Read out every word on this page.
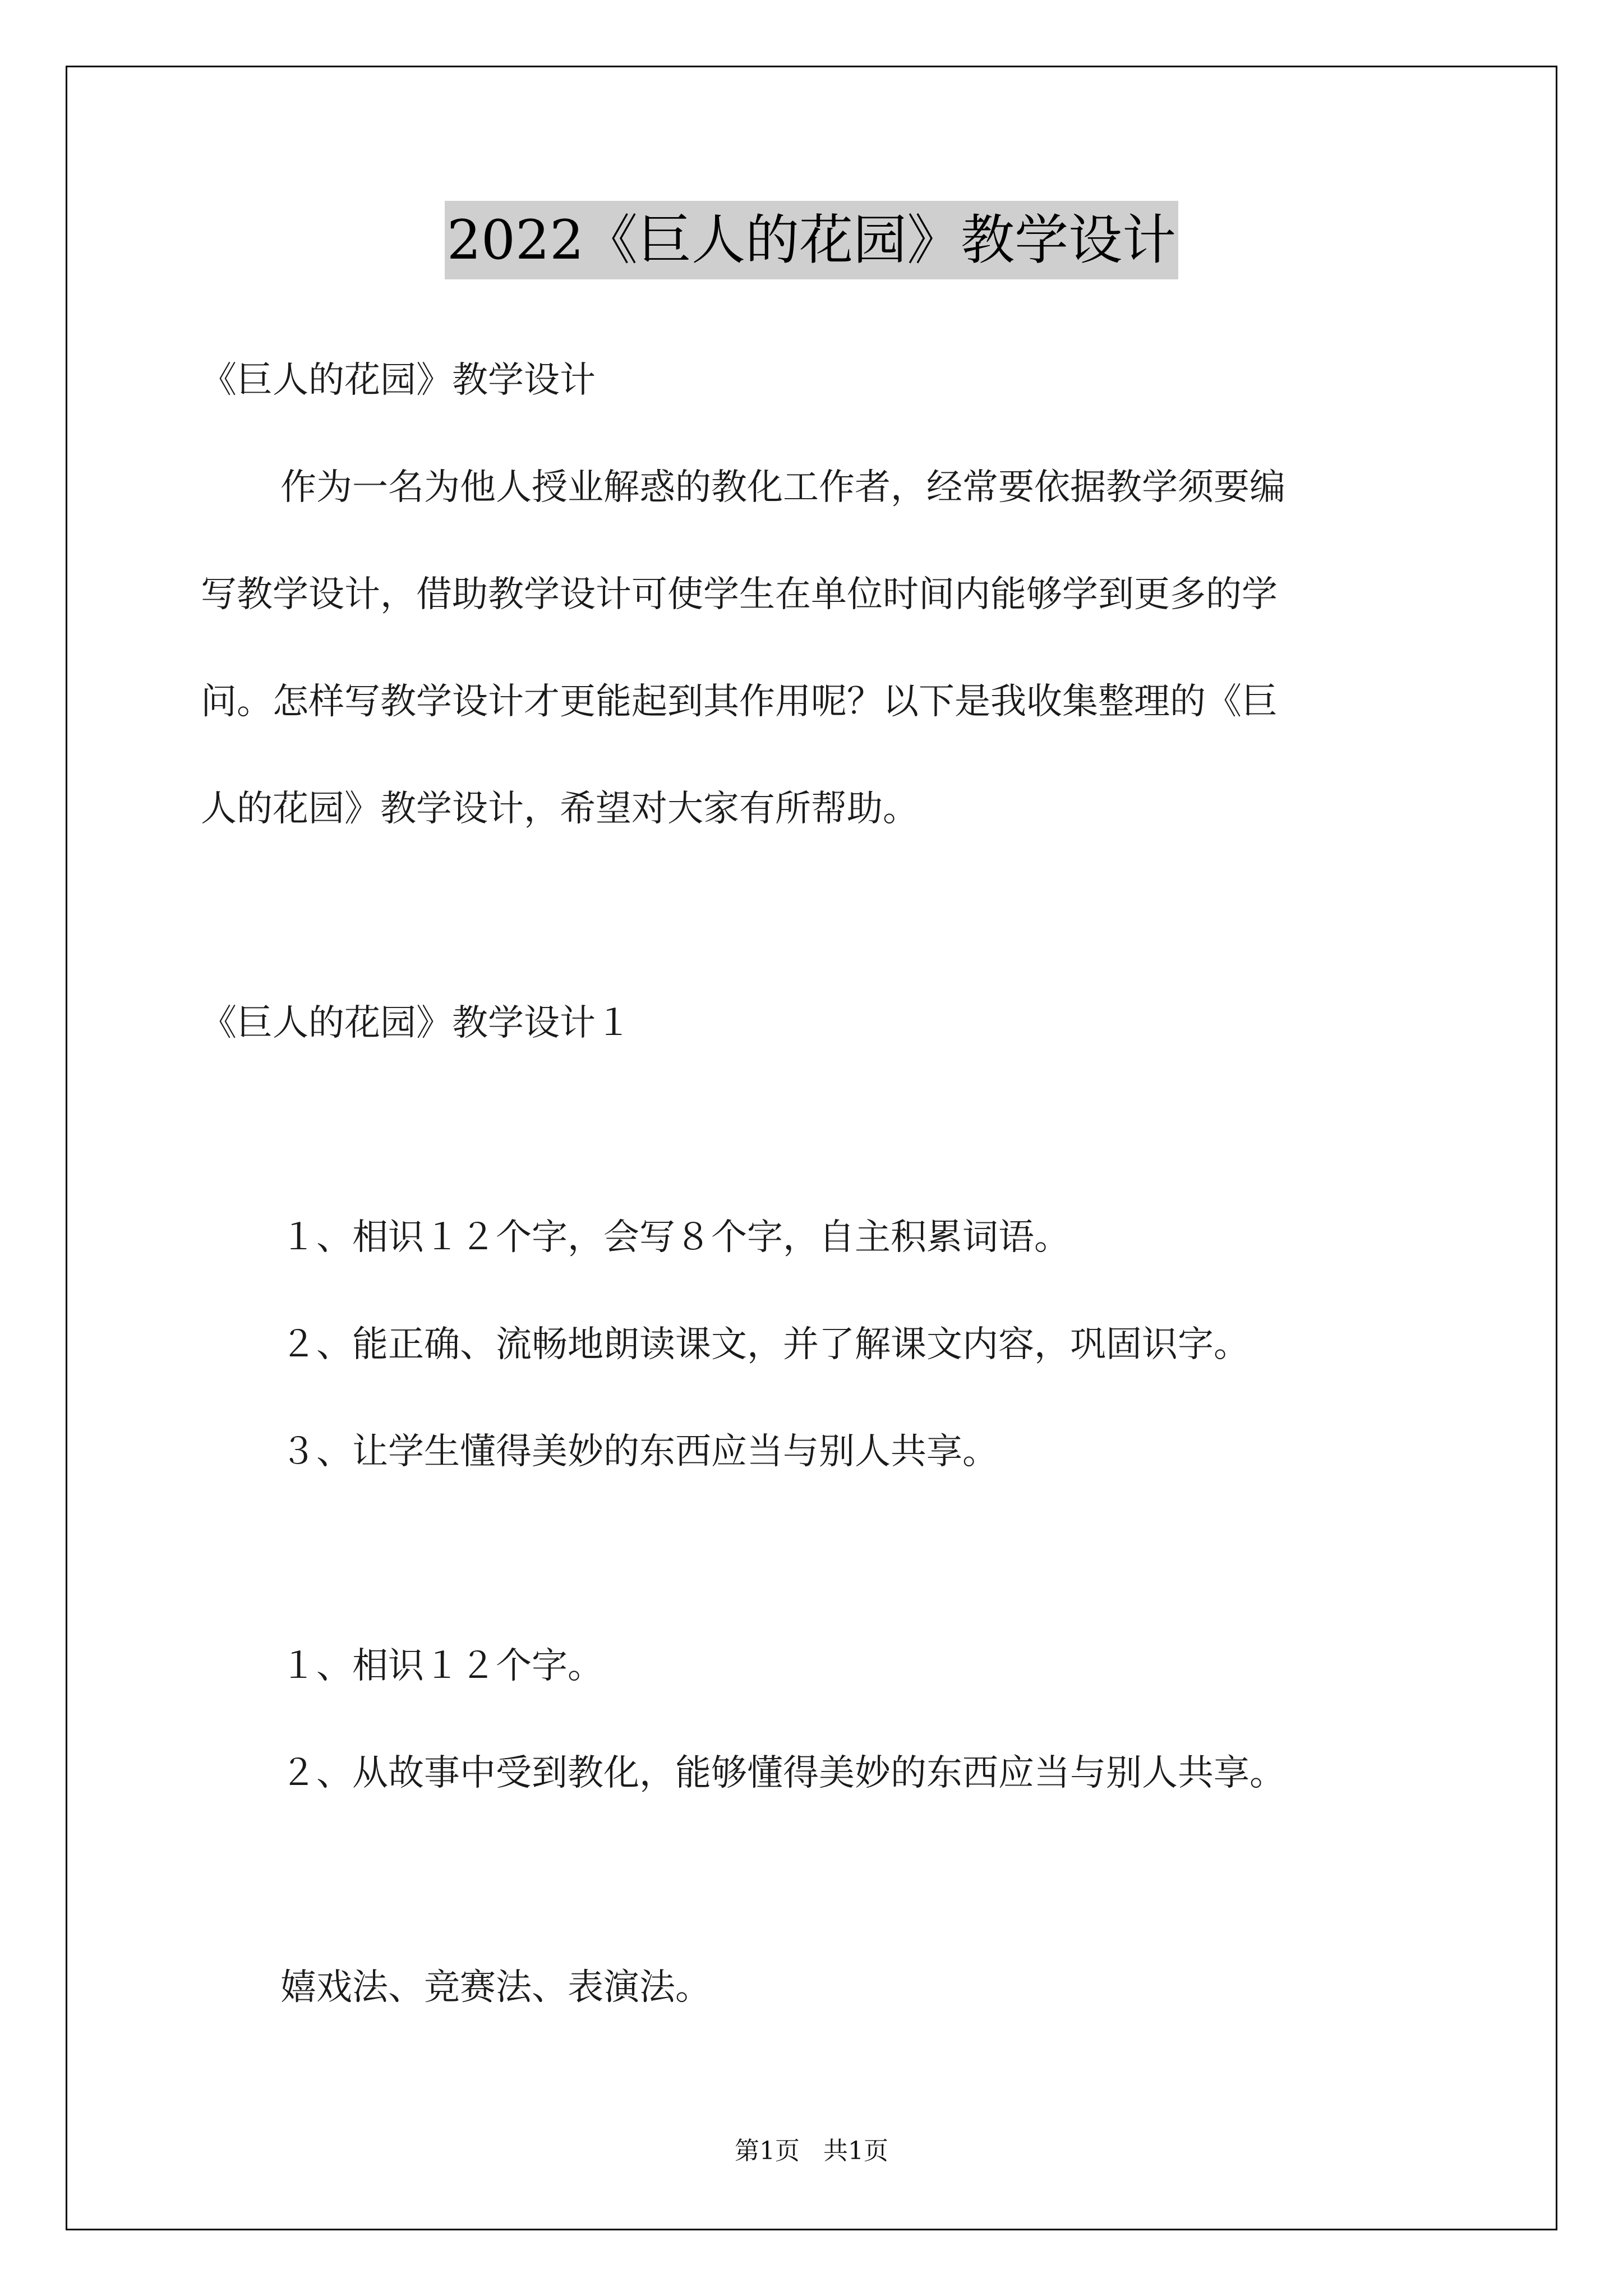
2022《巨人的花园》教学设计
《巨人的花园》教学设计
作为一名为他人授业解惑的教化工作者，经常要依据教学须要编
写教学设计，借助教学设计可使学生在单位时间内能够学到更多的学
问。怎样写教学设计才更能起到其作用呢？以下是我收集整理的《巨
人的花园》教学设计，希望对大家有所帮助。
《巨人的花园》教学设计１
１、相识１２个字，会写８个字，自主积累词语。
２、能正确、流畅地朗读课文，并了解课文内容，巩固识字。
３、让学生懂得美妙的东西应当与别人共享。
１、相识１２个字。
２、从故事中受到教化，能够懂得美妙的东西应当与别人共享。
嬉戏法、竞赛法、表演法。
第1页   共1页
